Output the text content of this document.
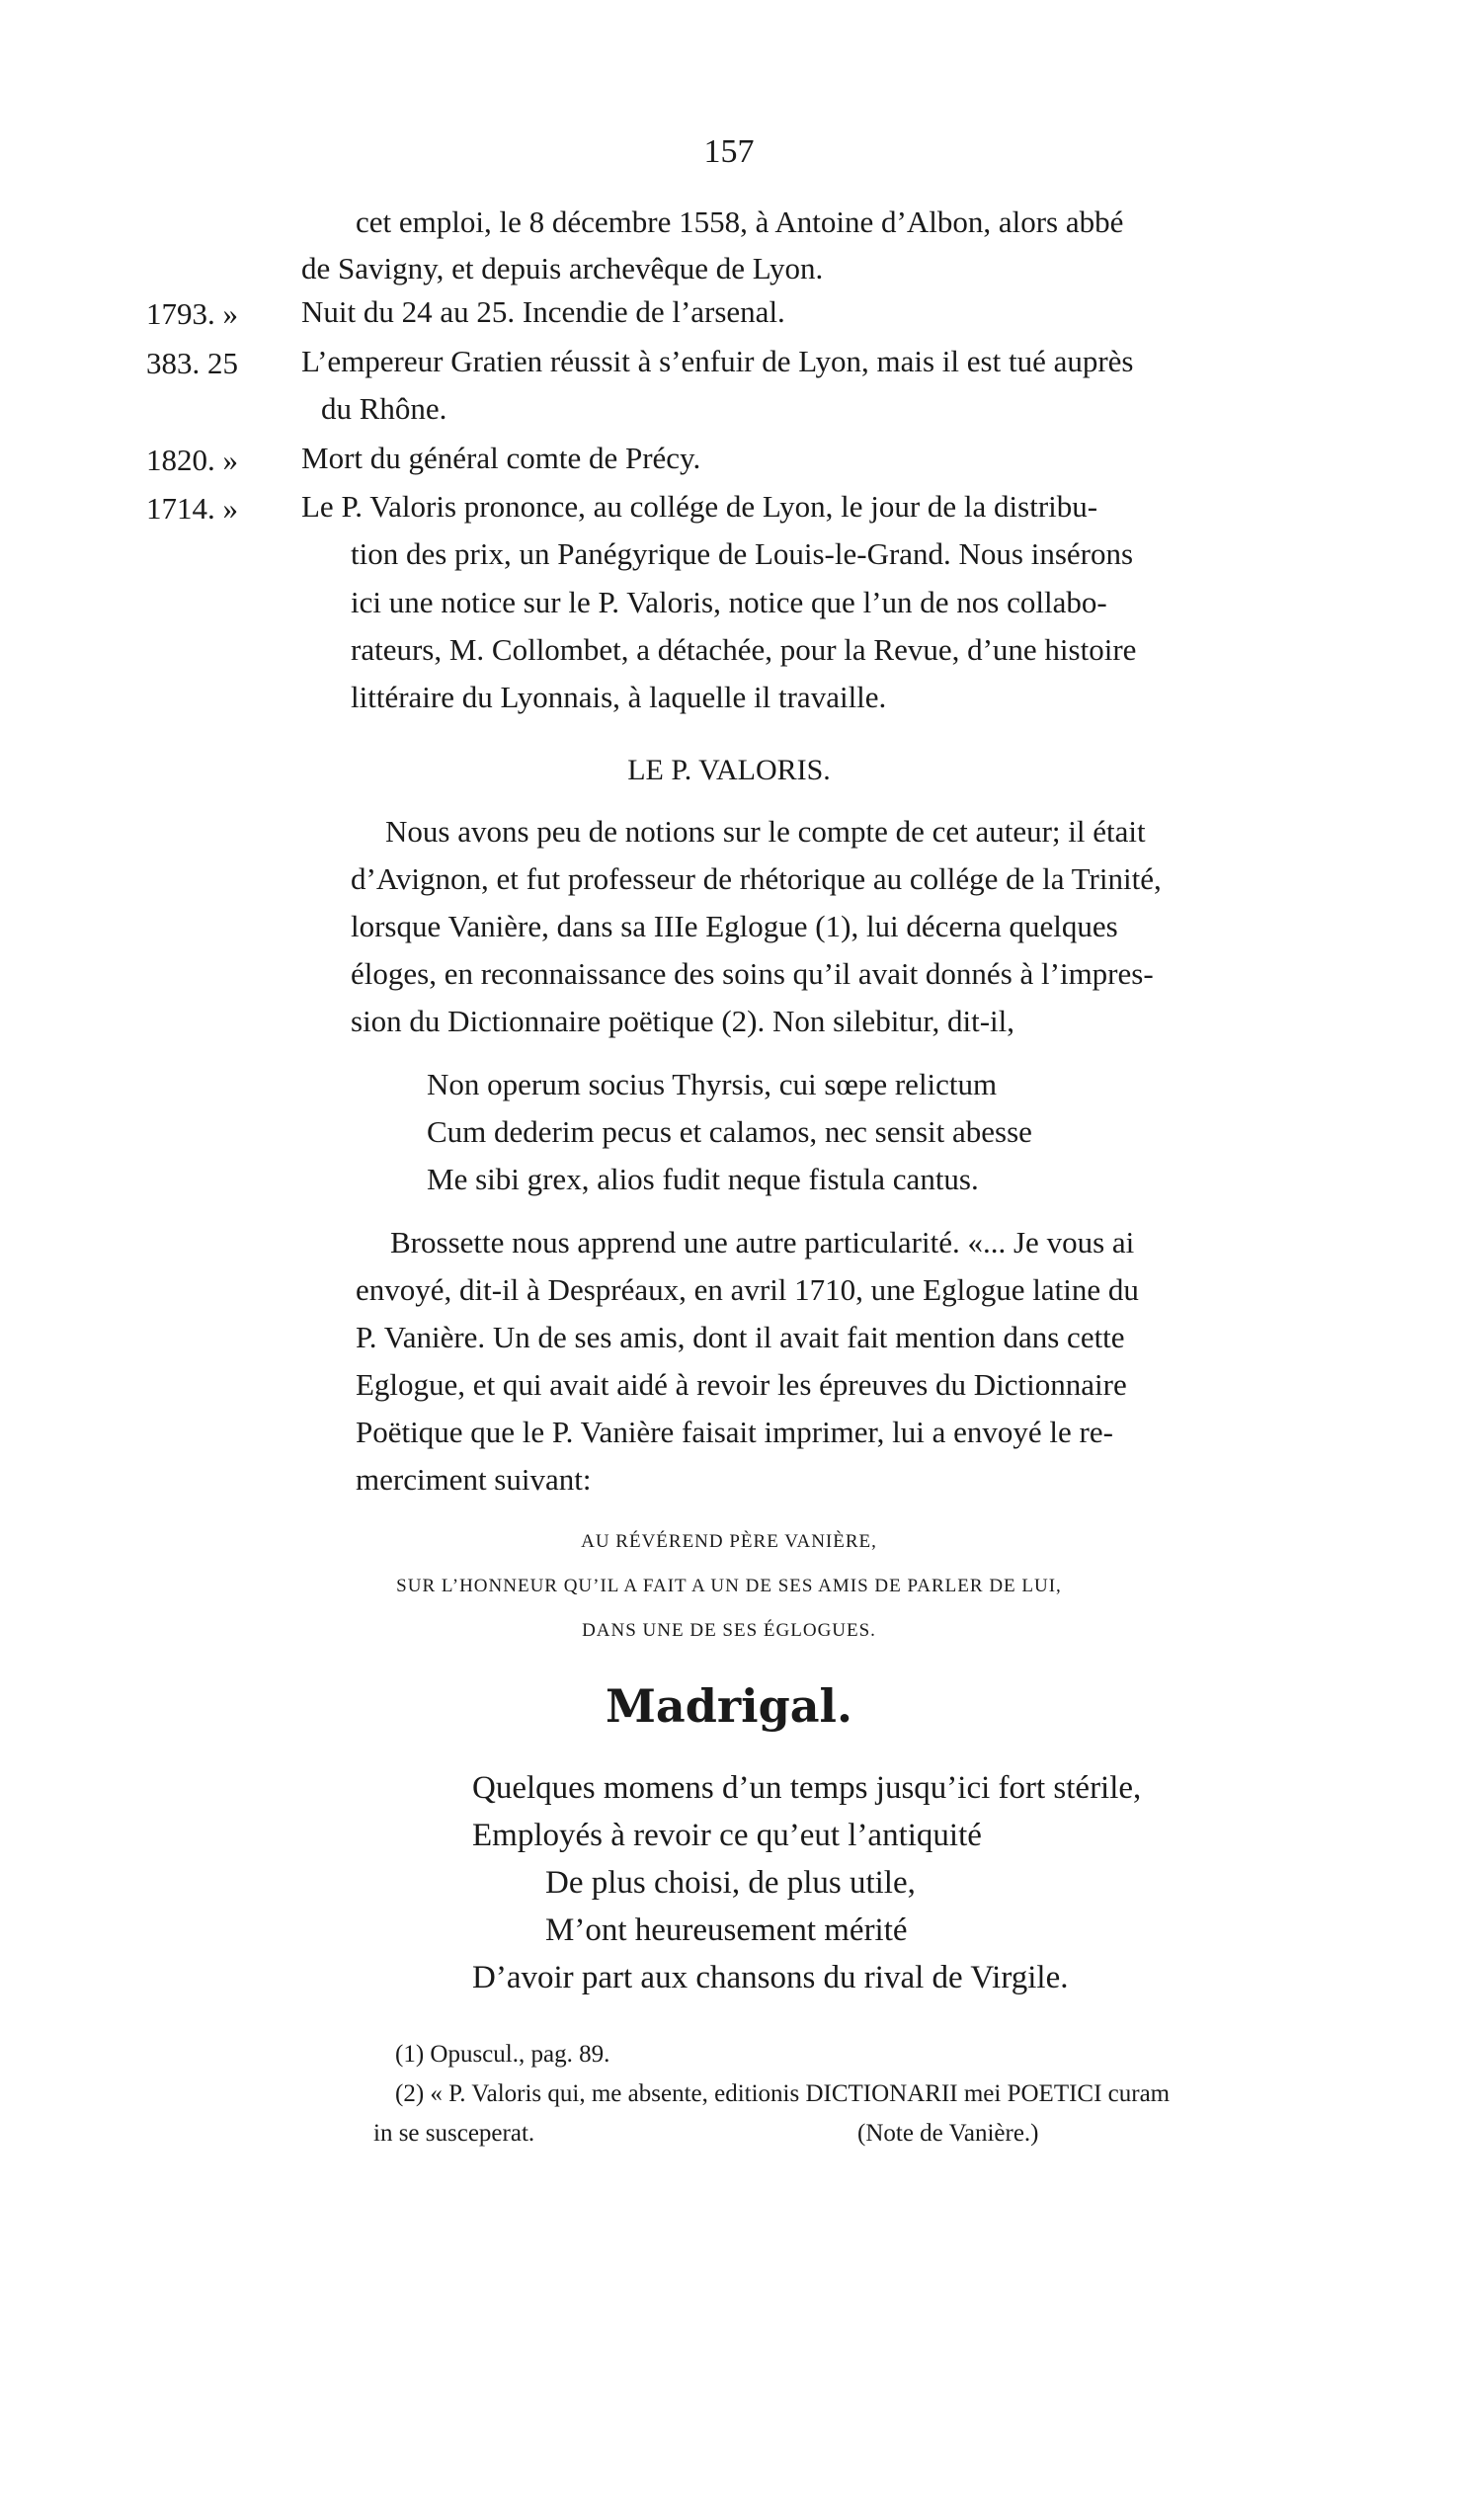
157
cet emploi, le 8 décembre 1558, à Antoine d’Albon, alors abbé
de Savigny, et depuis archevêque de Lyon.
1793. » Nuit du 24 au 25. Incendie de l’arsenal.
383. 25 L’empereur Gratien réussit à s’enfuir de Lyon, mais il est tué auprès
du Rhône.
1820. » Mort du général comte de Précy.
1714. » Le P. Valoris prononce, au collége de Lyon, le jour de la distribu-
tion des prix, un Panégyrique de Louis-le-Grand. Nous insérons
ici une notice sur le P. Valoris, notice que l’un de nos collabo-
rateurs, M. Collombet, a détachée, pour la Revue, d’une histoire
littéraire du Lyonnais, à laquelle il travaille.
LE P. VALORIS.
Nous avons peu de notions sur le compte de cet auteur; il était
d’Avignon, et fut professeur de rhétorique au collége de la Trinité,
lorsque Vanière, dans sa IIIe Eglogue (1), lui décerna quelques
éloges, en reconnaissance des soins qu’il avait donnés à l’impres-
sion du Dictionnaire poëtique (2). Non silebitur, dit-il,
Non operum socius Thyrsis, cui sœpe relictum
Cum dederim pecus et calamos, nec sensit abesse
Me sibi grex, alios fudit neque fistula cantus.
Brossette nous apprend une autre particularité. «... Je vous ai
envoyé, dit-il à Despréaux, en avril 1710, une Eglogue latine du
P. Vanière. Un de ses amis, dont il avait fait mention dans cette
Eglogue, et qui avait aidé à revoir les épreuves du Dictionnaire
Poëtique que le P. Vanière faisait imprimer, lui a envoyé le re-
merciment suivant:
AU RÉVÉREND PÈRE VANIÈRE,
SUR L’HONNEUR QU’IL A FAIT A UN DE SES AMIS DE PARLER DE LUI,
DANS UNE DE SES ÉGLOGUES.
Madrigal.
Quelques momens d’un temps jusqu’ici fort stérile,
Employés à revoir ce qu’eut l’antiquité
De plus choisi, de plus utile,
M’ont heureusement mérité
D’avoir part aux chansons du rival de Virgile.
(1) Opuscul., pag. 89.
(2) « P. Valoris qui, me absente, editionis DICTIONARII mei POETICI curam
in se susceperat.	(Note de Vanière.)
